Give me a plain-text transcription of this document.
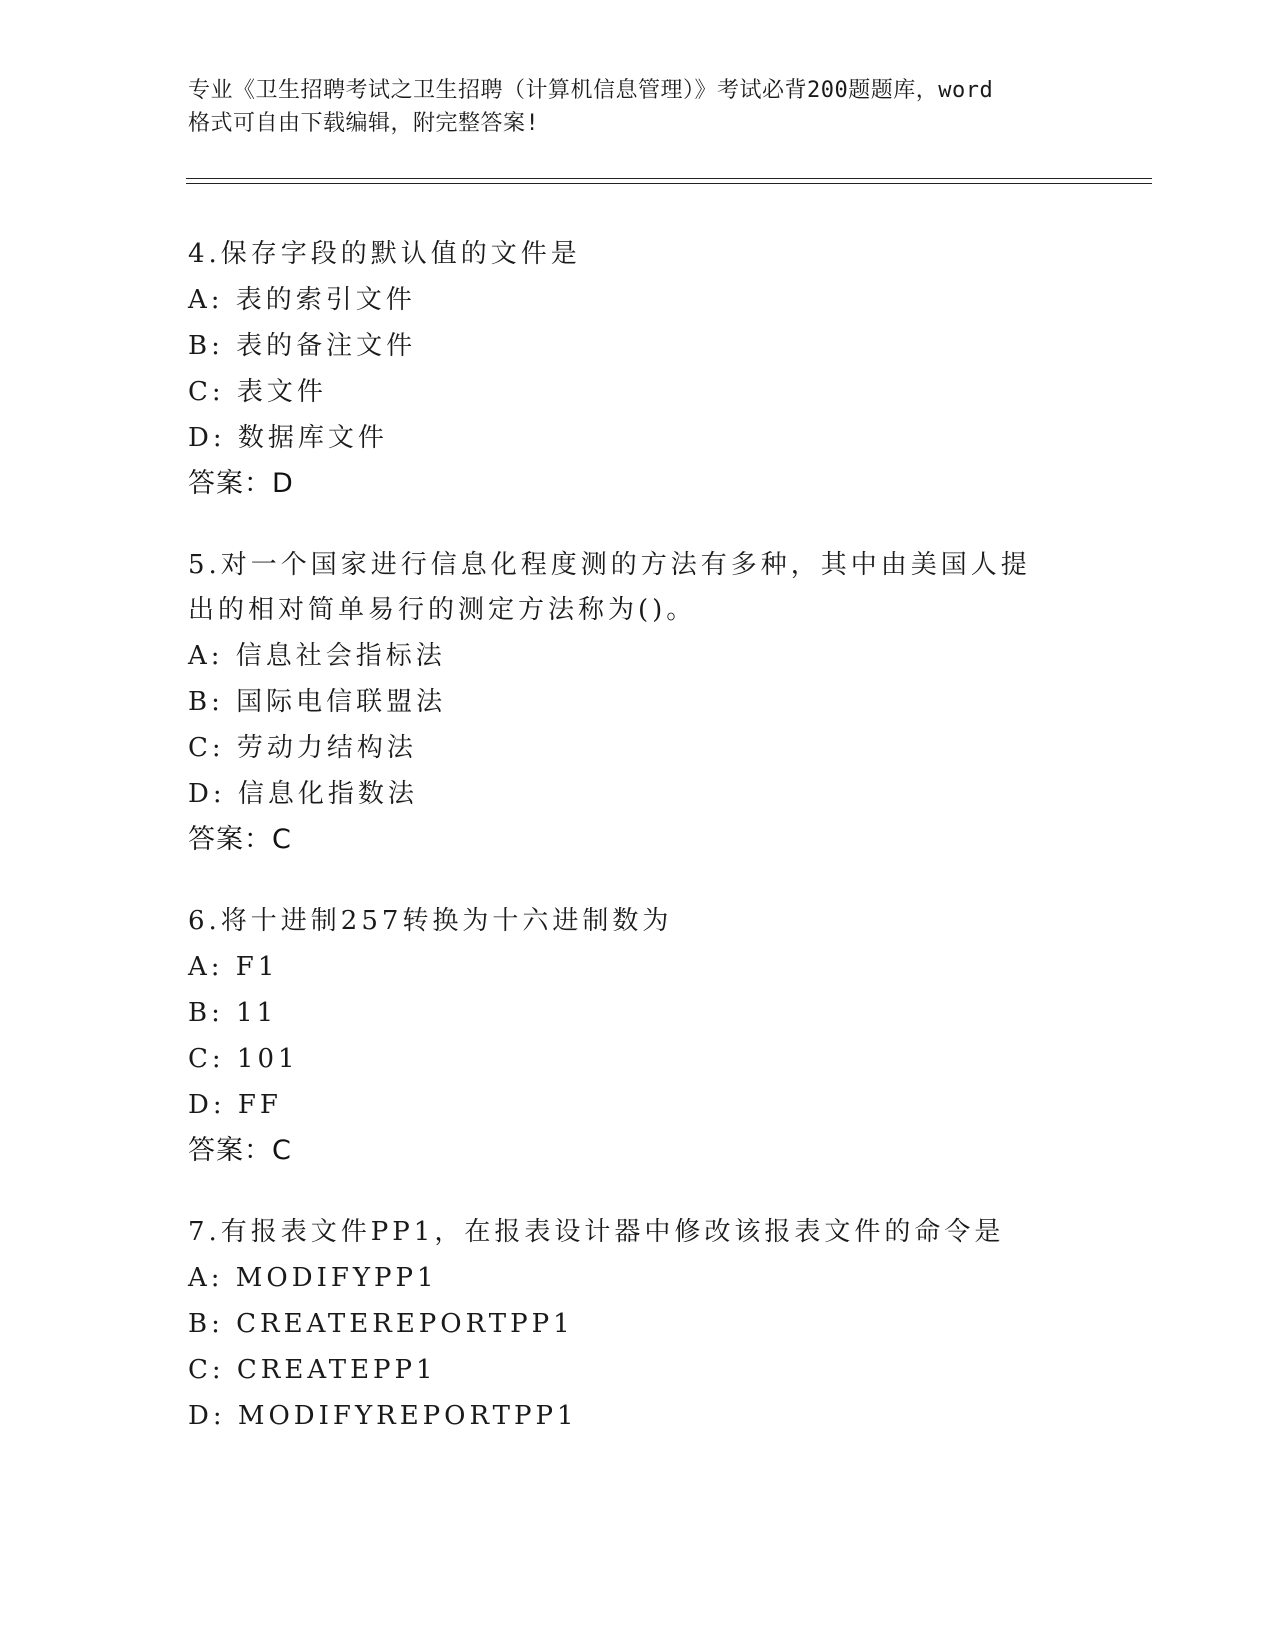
专业《卫生招聘考试之卫生招聘（计算机信息管理）》考试必背200题题库，word
格式可自由下载编辑，附完整答案!
4.保存字段的默认值的文件是
A: 表的索引文件
B: 表的备注文件
C: 表文件
D: 数据库文件
答案：D
5.对一个国家进行信息化程度测的方法有多种，其中由美国人提出的相对简单易行的测定方法称为()。
A: 信息社会指标法
B: 国际电信联盟法
C: 劳动力结构法
D: 信息化指数法
答案：C
6.将十进制257转换为十六进制数为
A: F1
B: 11
C: 101
D: FF
答案：C
7.有报表文件PP1，在报表设计器中修改该报表文件的命令是
A: MODIFYPP1
B: CREATEREPORTPP1
C: CREATEPP1
D: MODIFYREPORTPP1
